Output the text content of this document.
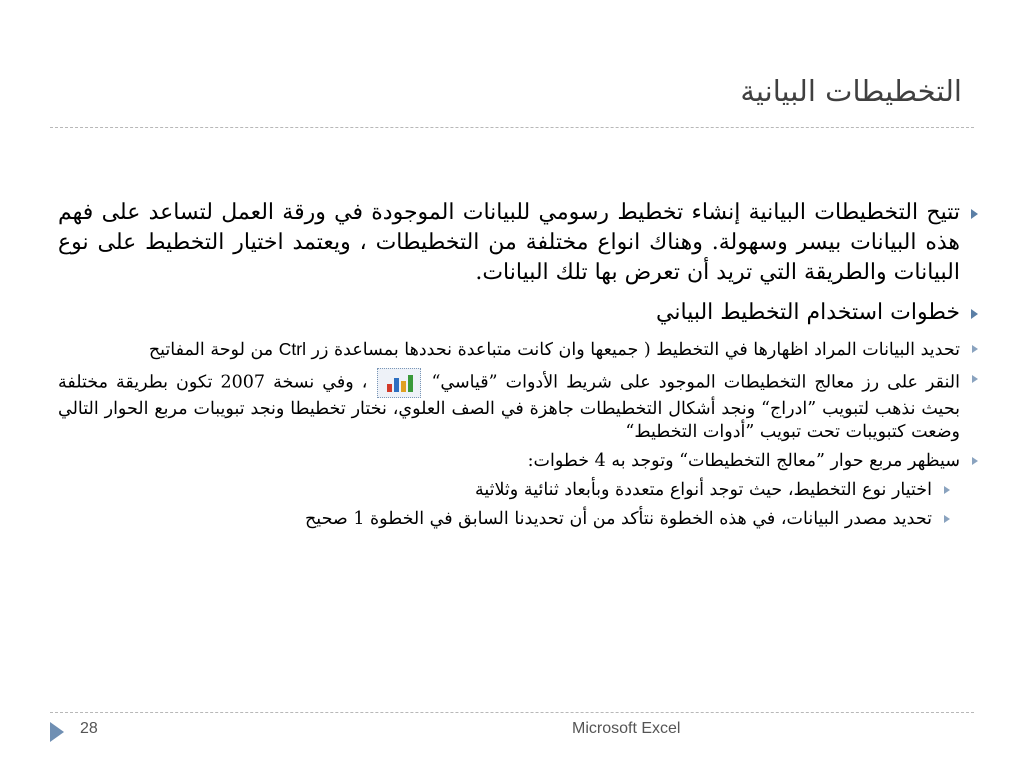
التخطيطات البيانية
تتيح التخطيطات البيانية إنشاء تخطيط رسومي للبيانات الموجودة في ورقة العمل لتساعد على فهم هذه البيانات بيسر وسهولة. وهناك انواع مختلفة من التخطيطات ، ويعتمد اختيار التخطيط على نوع البيانات والطريقة التي تريد أن تعرض بها تلك البيانات.
خطوات استخدام التخطيط البياني
تحديد البيانات المراد اظهارها في التخطيط ( جميعها وان كانت متباعدة نحددها بمساعدة زر Ctrl من لوحة المفاتيح
النقر على رز معالج التخطيطات الموجود على شريط الأدوات ”قياسي“
، وفي نسخة 2007 تكون بطريقة مختلفة بحيث نذهب لتبويب ”ادراج“ ونجد أشكال التخطيطات جاهزة في الصف العلوي، نختار تخطيطا ونجد تبويبات مربع الحوار التالي وضعت كتبويبات تحت تبويب ”أدوات التخطيط“
سيظهر مربع حوار ”معالج التخطيطات“ وتوجد به 4 خطوات:
اختيار نوع التخطيط، حيث توجد أنواع متعددة وبأبعاد ثنائية وثلاثية
تحديد مصدر البيانات، في هذه الخطوة نتأكد من أن تحديدنا السابق في الخطوة 1 صحيح
28	Microsoft Excel
